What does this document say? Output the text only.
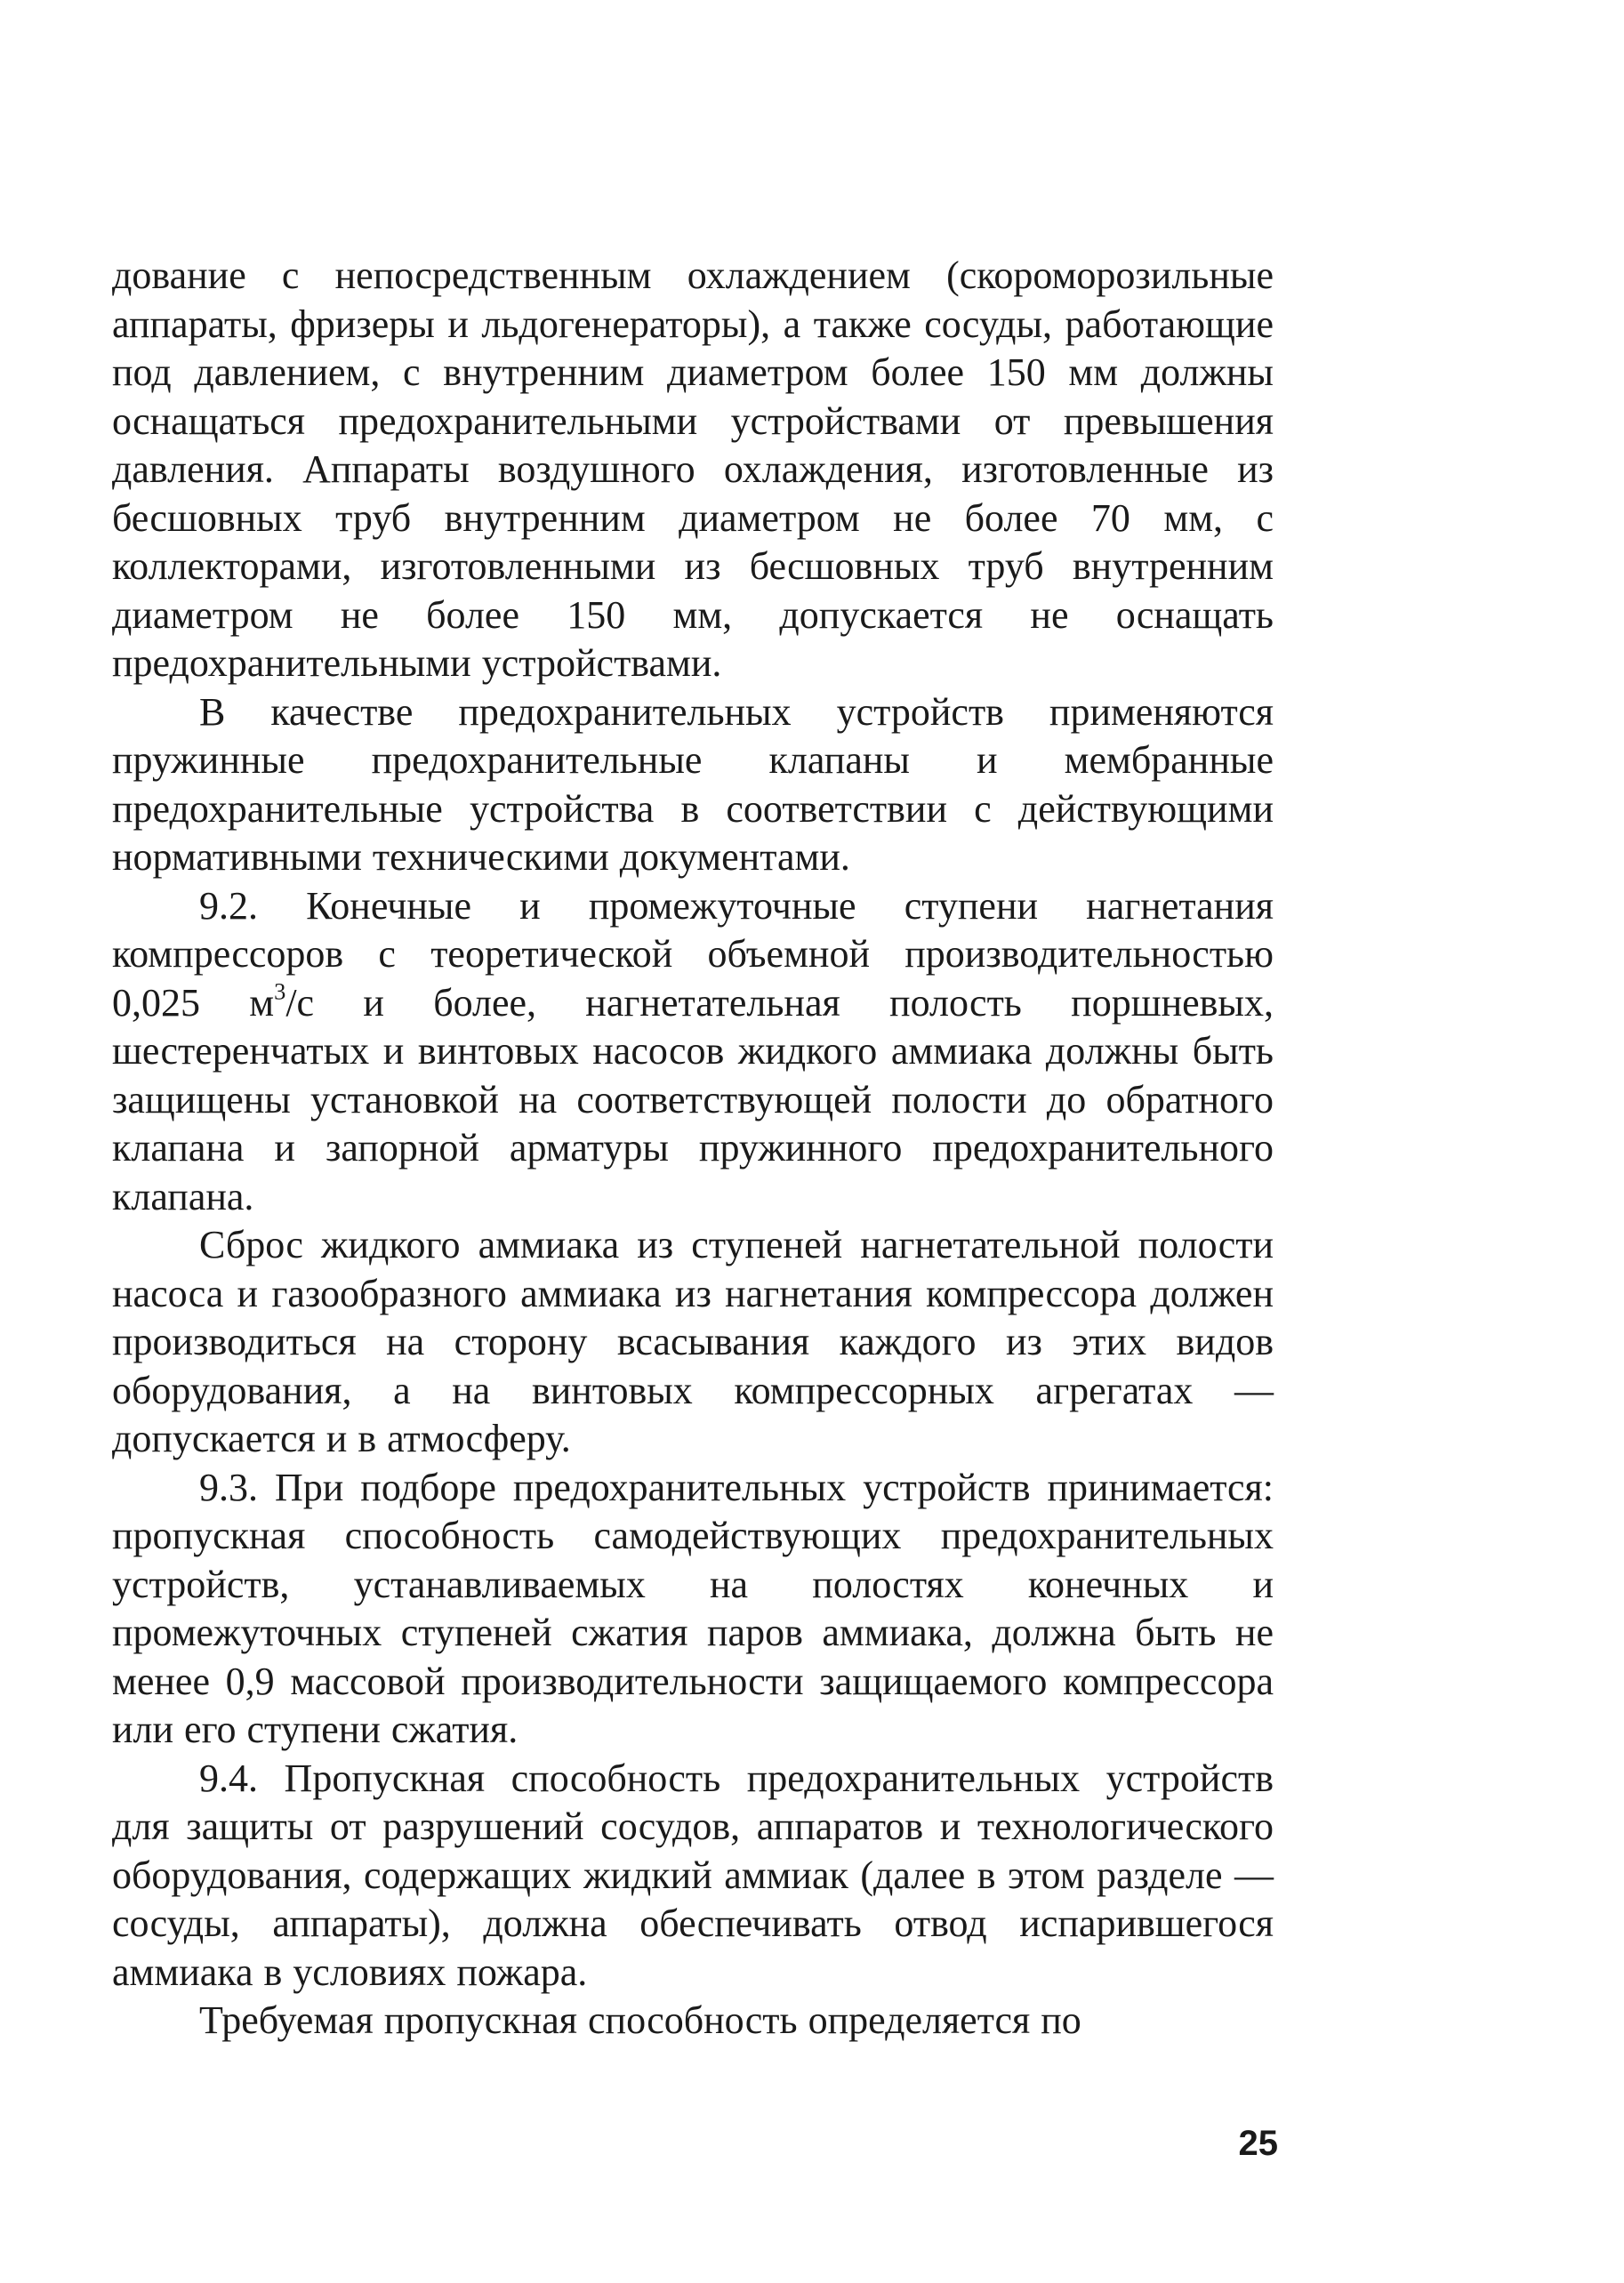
дование с непосредственным охлаждением (скороморозильные аппараты, фризеры и льдогенераторы), а также сосуды, работающие под давлением, с внутренним диаметром более 150 мм должны оснащаться предохранительными устройствами от превышения давления. Аппараты воздушного охлаждения, изготовленные из бесшовных труб внутренним диаметром не более 70 мм, с коллекторами, изготовленными из бесшовных труб внутренним диаметром не более 150 мм, допускается не оснащать предохранительными устройствами.

В качестве предохранительных устройств применяются пружинные предохранительные клапаны и мембранные предохранительные устройства в соответствии с действующими нормативными техническими документами.

9.2. Конечные и промежуточные ступени нагнетания компрессоров с теоретической объемной производительностью 0,025 $м^3/с$ и более, нагнетательная полость поршневых, шестеренчатых и винтовых насосов жидкого аммиака должны быть защищены установкой на соответствующей полости до обратного клапана и запорной арматуры пружинного предохранительного клапана.

Сброс жидкого аммиака из ступеней нагнетательной полости насоса и газообразного аммиака из нагнетания компрессора должен производиться на сторону всасывания каждого из этих видов оборудования, а на винтовых компрессорных агрегатах — допускается и в атмосферу.

9.3. При подборе предохранительных устройств принимается: пропускная способность самодействующих предохранительных устройств, устанавливаемых на полостях конечных и промежуточных ступеней сжатия паров аммиака, должна быть не менее 0,9 массовой производительности защищаемого компрессора или его ступени сжатия.

9.4. Пропускная способность предохранительных устройств для защиты от разрушений сосудов, аппаратов и технологического оборудования, содержащих жидкий аммиак (далее в этом разделе — сосуды, аппараты), должна обеспечивать отвод испарившегося аммиака в условиях пожара.

Требуемая пропускная способность определяется по

25
